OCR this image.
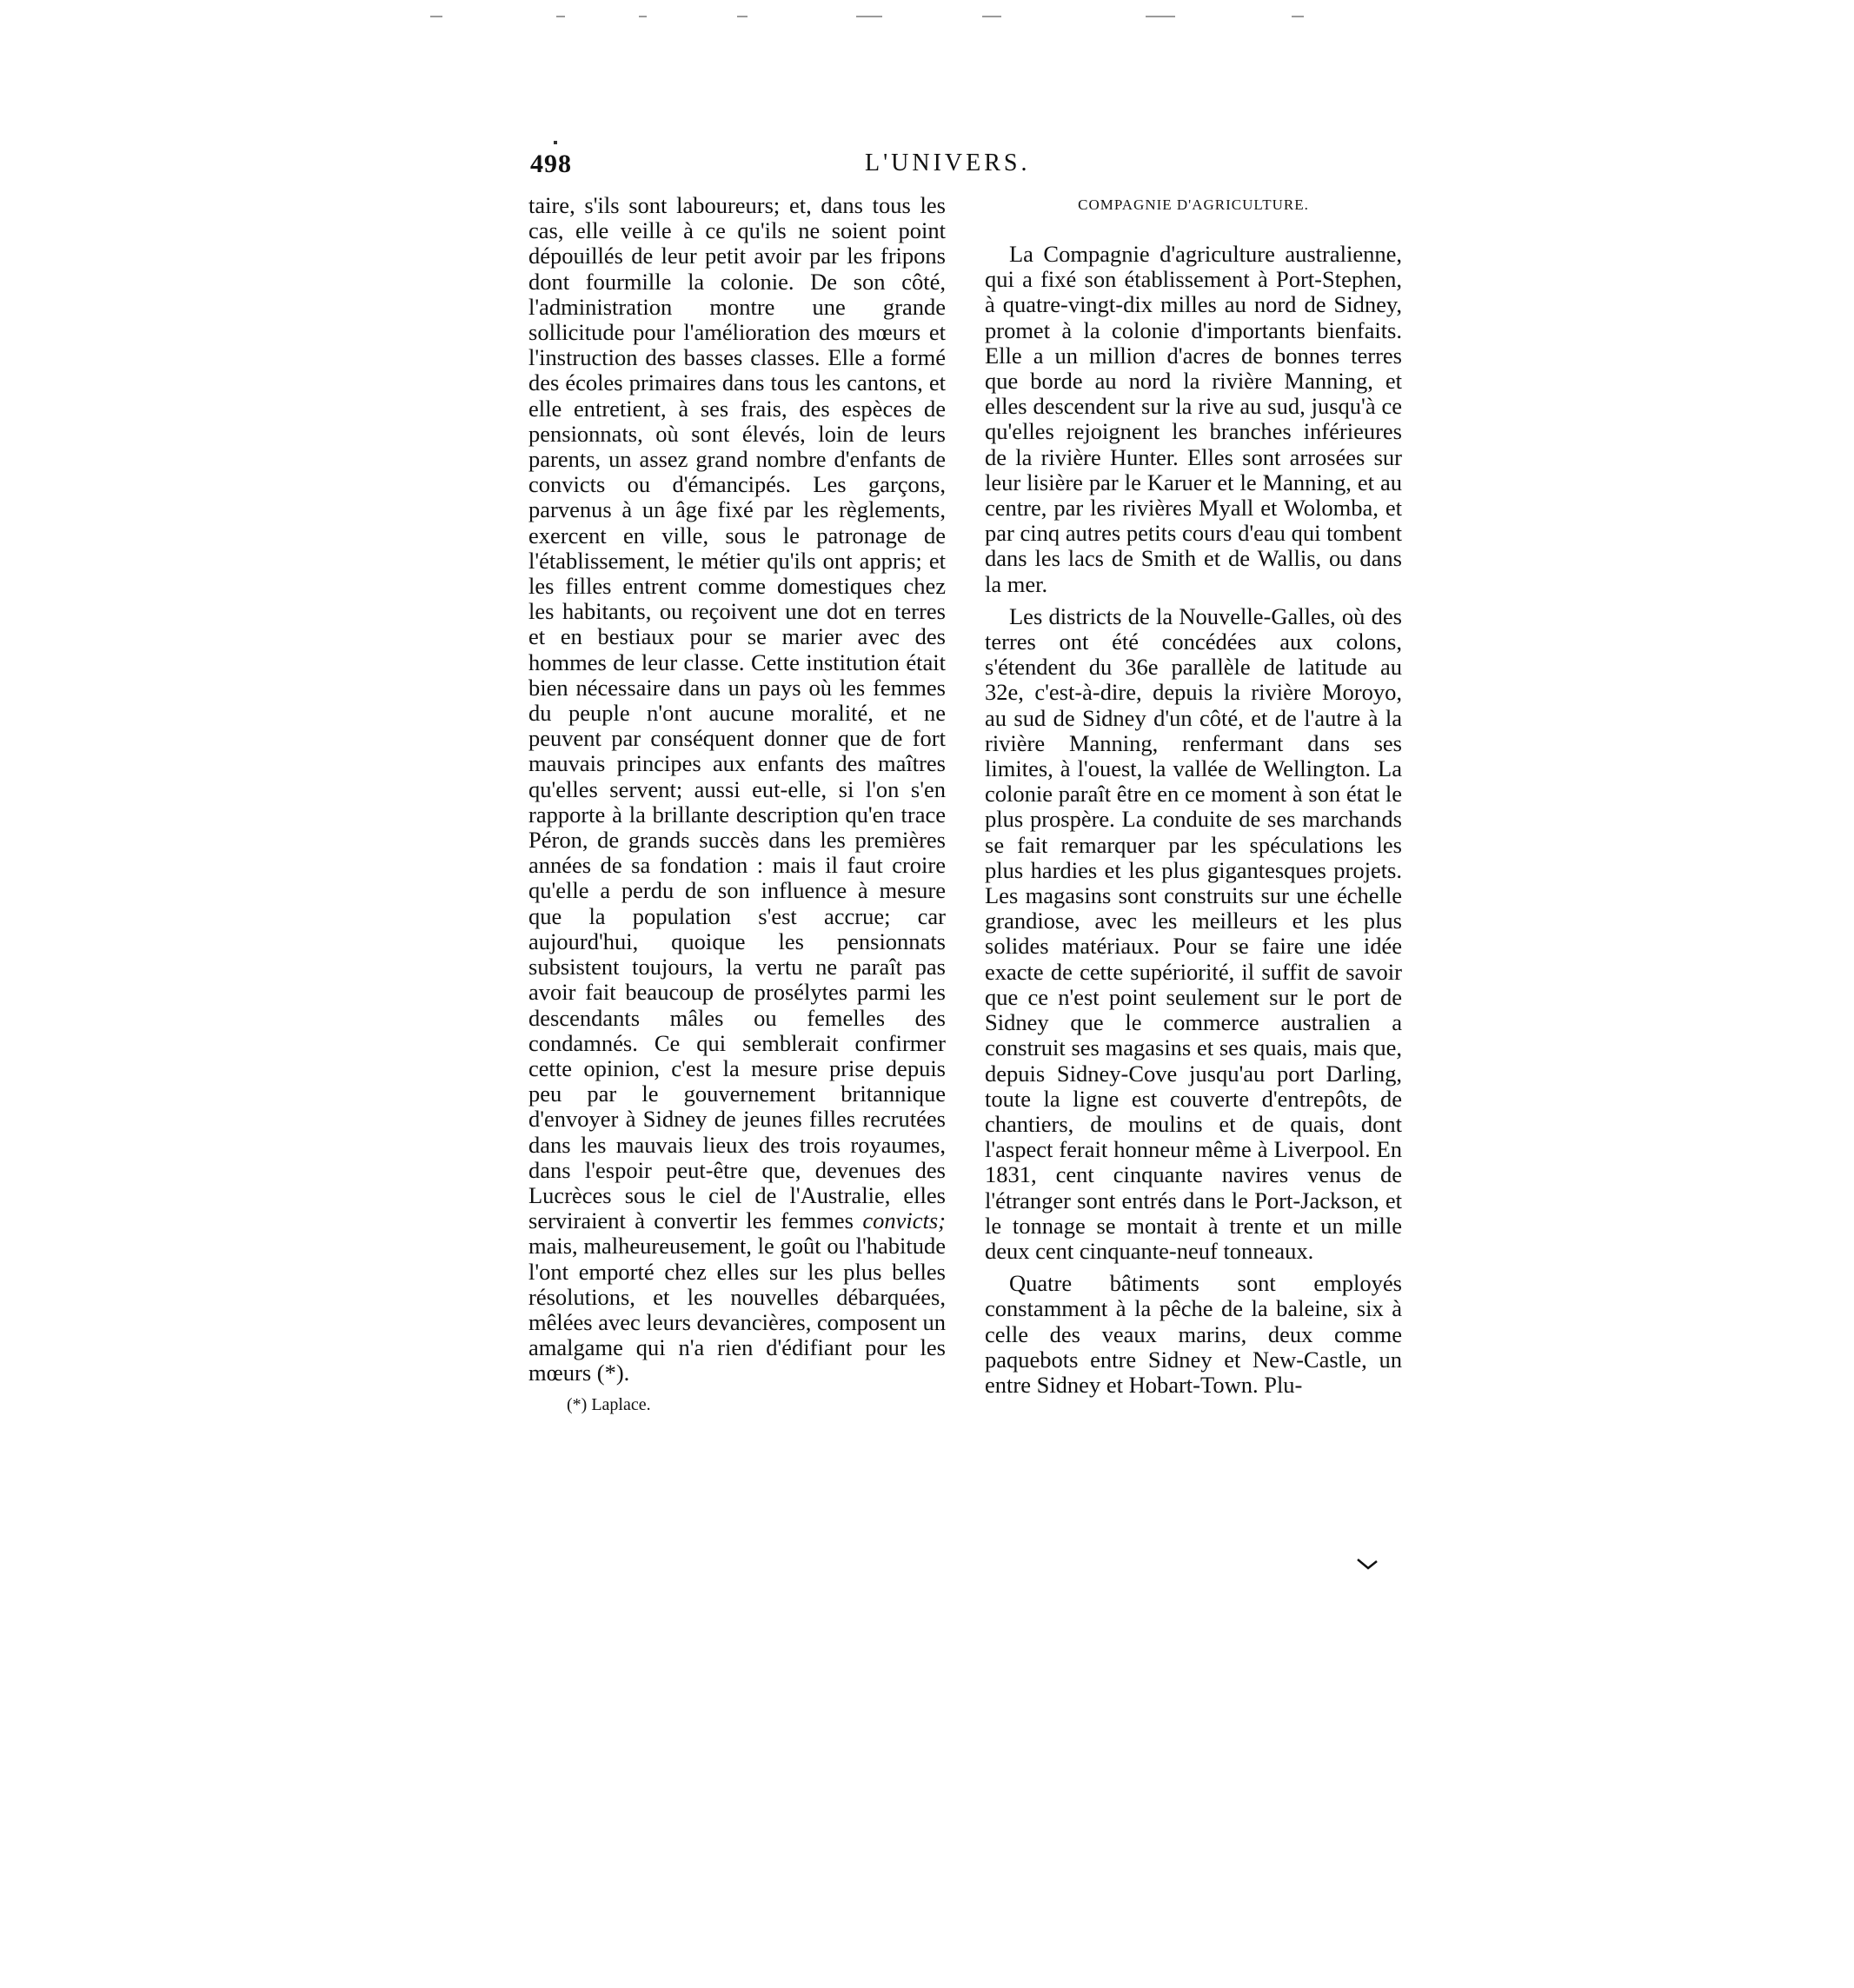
498	L'UNIVERS.

taire, s'ils sont laboureurs; et, dans tous les cas, elle veille à ce qu'ils ne soient point dépouillés de leur petit avoir par les fripons dont fourmille la colonie. De son côté, l'administration montre une grande sollicitude pour l'amélioration des mœurs et l'instruction des basses classes. Elle a formé des écoles primaires dans tous les cantons, et elle entretient, à ses frais, des espèces de pensionnats, où sont élevés, loin de leurs parents, un assez grand nombre d'enfants de convicts ou d'émancipés. Les garçons, parvenus à un âge fixé par les règlements, exercent en ville, sous le patronage de l'établissement, le métier qu'ils ont appris; et les filles entrent comme domestiques chez les habitants, ou reçoivent une dot en terres et en bestiaux pour se marier avec des hommes de leur classe. Cette institution était bien nécessaire dans un pays où les femmes du peuple n'ont aucune moralité, et ne peuvent par conséquent donner que de fort mauvais principes aux enfants des maîtres qu'elles servent; aussi eut-elle, si l'on s'en rapporte à la brillante description qu'en trace Péron, de grands succès dans les premières années de sa fondation : mais il faut croire qu'elle a perdu de son influence à mesure que la population s'est accrue; car aujourd'hui, quoique les pensionnats subsistent toujours, la vertu ne paraît pas avoir fait beaucoup de prosélytes parmi les descendants mâles ou femelles des condamnés. Ce qui semblerait confirmer cette opinion, c'est la mesure prise depuis peu par le gouvernement britannique d'envoyer à Sidney de jeunes filles recrutées dans les mauvais lieux des trois royaumes, dans l'espoir peut-être que, devenues des Lucrèces sous le ciel de l'Australie, elles serviraient à convertir les femmes convicts; mais, malheureusement, le goût ou l'habitude l'ont emporté chez elles sur les plus belles résolutions, et les nouvelles débarquées, mêlées avec leurs devancières, composent un amalgame qui n'a rien d'édifiant pour les mœurs (*).

(*) Laplace.
COMPAGNIE D'AGRICULTURE.

La Compagnie d'agriculture australienne, qui a fixé son établissement à Port-Stephen, à quatre-vingt-dix milles au nord de Sidney, promet à la colonie d'importants bienfaits. Elle a un million d'acres de bonnes terres que borde au nord la rivière Manning, et elles descendent sur la rive au sud, jusqu'à ce qu'elles rejoignent les branches inférieures de la rivière Hunter. Elles sont arrosées sur leur lisière par le Karuer et le Manning, et au centre, par les rivières Myall et Wolomba, et par cinq autres petits cours d'eau qui tombent dans les lacs de Smith et de Wallis, ou dans la mer.

Les districts de la Nouvelle-Galles, où des terres ont été concédées aux colons, s'étendent du 36e parallèle de latitude au 32e, c'est-à-dire, depuis la rivière Moroyo, au sud de Sidney d'un côté, et de l'autre à la rivière Manning, renfermant dans ses limites, à l'ouest, la vallée de Wellington. La colonie paraît être en ce moment à son état le plus prospère. La conduite de ses marchands se fait remarquer par les spéculations les plus hardies et les plus gigantesques projets. Les magasins sont construits sur une échelle grandiose, avec les meilleurs et les plus solides matériaux. Pour se faire une idée exacte de cette supériorité, il suffit de savoir que ce n'est point seulement sur le port de Sidney que le commerce australien a construit ses magasins et ses quais, mais que, depuis Sidney-Cove jusqu'au port Darling, toute la ligne est couverte d'entrepôts, de chantiers, de moulins et de quais, dont l'aspect ferait honneur même à Liverpool. En 1831, cent cinquante navires venus de l'étranger sont entrés dans le Port-Jackson, et le tonnage se montait à trente et un mille deux cent cinquante-neuf tonneaux.

Quatre bâtiments sont employés constamment à la pêche de la baleine, six à celle des veaux marins, deux comme paquebots entre Sidney et New-Castle, un entre Sidney et Hobart-Town. Plu-
